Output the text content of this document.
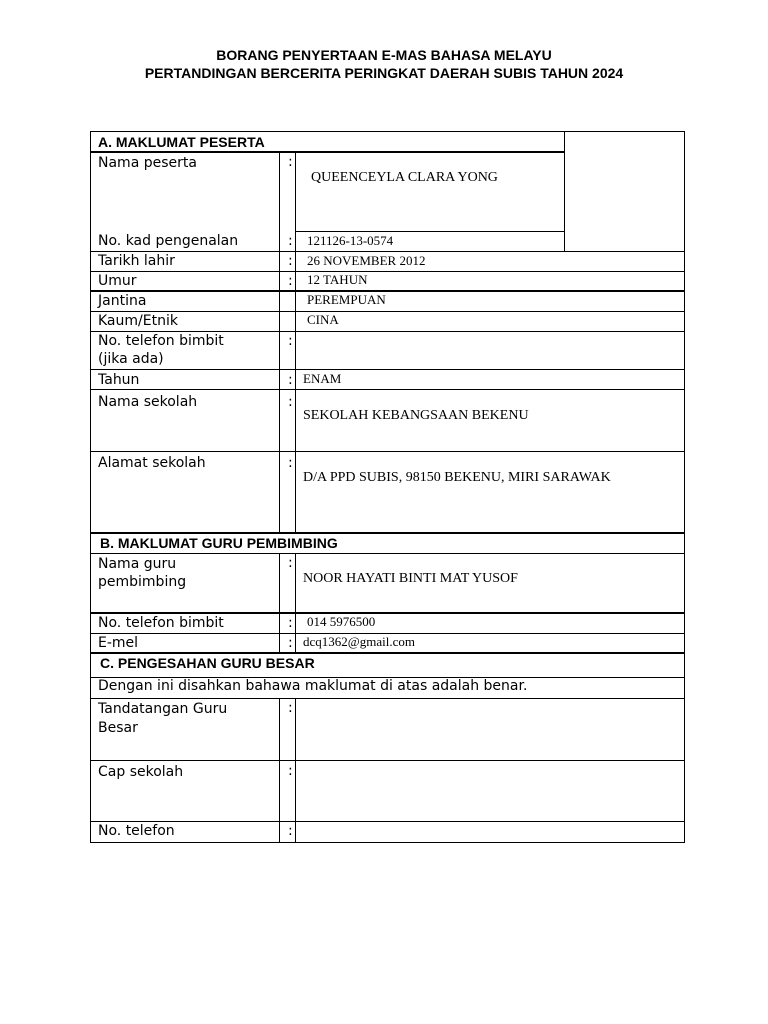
BORANG PENYERTAAN E-MAS BAHASA MELAYU
PERTANDINGAN BERCERITA PERINGKAT DAERAH SUBIS TAHUN 2024
A. MAKLUMAT PESERTA
Nama peserta	:
QUEENCEYLA CLARA YONG
No. kad pengenalan	: 121126-13-0574
Tarikh lahir	: 26 NOVEMBER 2012
Umur	: 12 TAHUN
Jantina	PEREMPUAN
Kaum/Etnik	CINA
No. telefon bimbit
(jika ada)
:
Tahun	: ENAM
Nama sekolah	:
SEKOLAH KEBANGSAAN BEKENU
Alamat sekolah	:
D/A PPD SUBIS, 98150 BEKENU, MIRI SARAWAK
B. MAKLUMAT GURU PEMBIMBING
Nama guru
pembimbing
:
NOOR HAYATI BINTI MAT YUSOF
No. telefon bimbit	: 014 5976500
E-mel	: dcq1362@gmail.com
C. PENGESAHAN GURU BESAR
Dengan ini disahkan bahawa maklumat di atas adalah benar.
Tandatangan Guru
Besar
:
Cap sekolah	:
No. telefon	:
